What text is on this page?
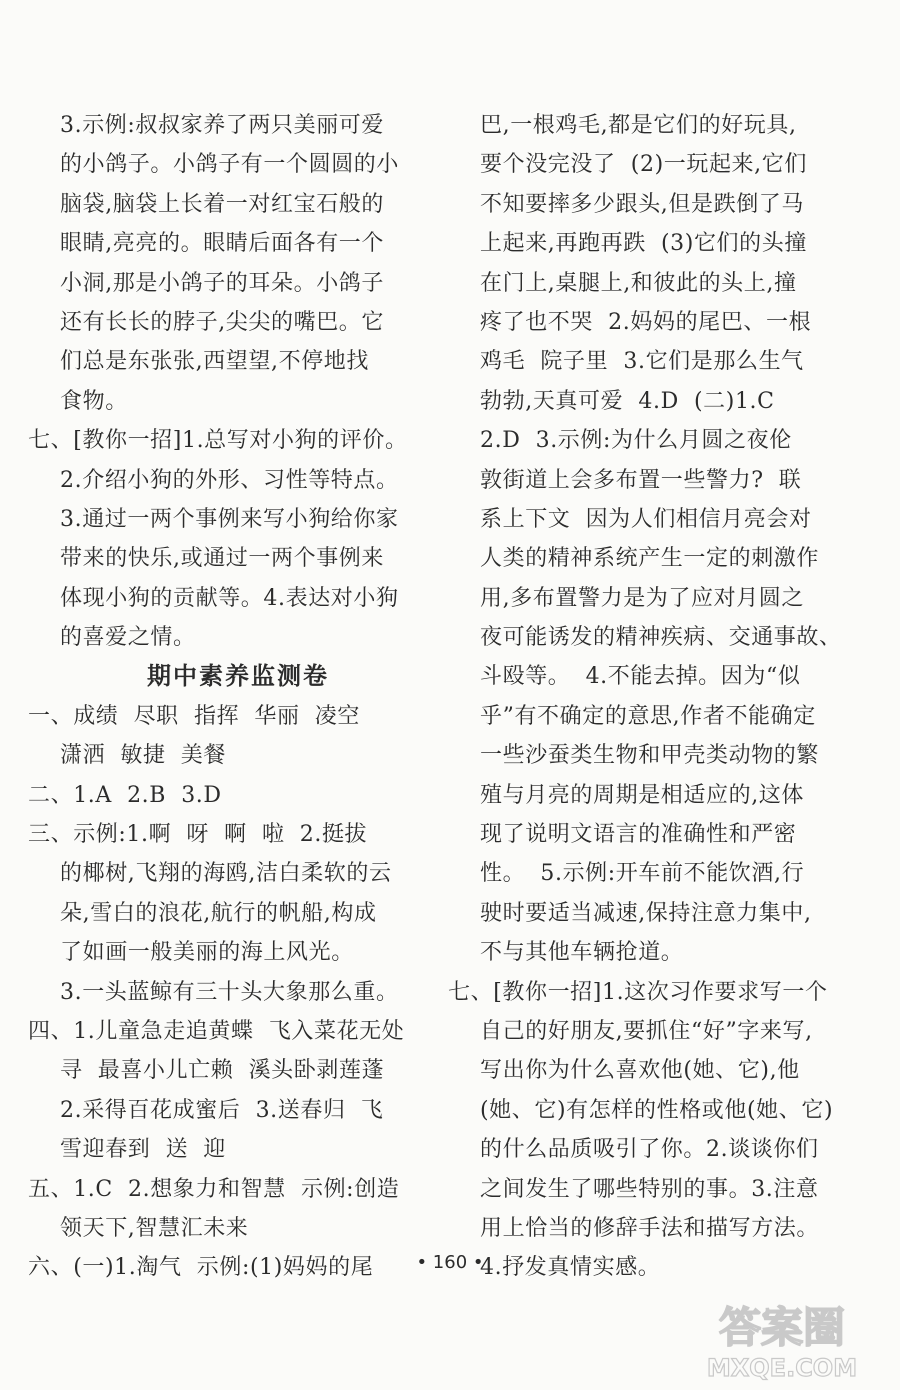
3.示例:叔叔家养了两只美丽可爱
的小鸽子。小鸽子有一个圆圆的小
脑袋,脑袋上长着一对红宝石般的
眼睛,亮亮的。眼睛后面各有一个
小洞,那是小鸽子的耳朵。小鸽子
还有长长的脖子,尖尖的嘴巴。它
们总是东张张,西望望,不停地找
食物。
七、[教你一招]1.总写对小狗的评价。
2.介绍小狗的外形、习性等特点。
3.通过一两个事例来写小狗给你家
带来的快乐,或通过一两个事例来
体现小狗的贡献等。4.表达对小狗
的喜爱之情。
期中素养监测卷
一、成绩  尽职  指挥  华丽  凌空
潇洒  敏捷  美餐
二、1.A  2.B  3.D
三、示例:1.啊  呀  啊  啦  2.挺拔
的椰树,飞翔的海鸥,洁白柔软的云
朵,雪白的浪花,航行的帆船,构成
了如画一般美丽的海上风光。
3.一头蓝鲸有三十头大象那么重。
四、1.儿童急走追黄蝶  飞入菜花无处
寻  最喜小儿亡赖  溪头卧剥莲蓬
2.采得百花成蜜后  3.送春归  飞
雪迎春到  送  迎
五、1.C  2.想象力和智慧  示例:创造
领天下,智慧汇未来
六、(一)1.淘气  示例:(1)妈妈的尾
巴,一根鸡毛,都是它们的好玩具,
要个没完没了  (2)一玩起来,它们
不知要摔多少跟头,但是跌倒了马
上起来,再跑再跌  (3)它们的头撞
在门上,桌腿上,和彼此的头上,撞
疼了也不哭  2.妈妈的尾巴、一根
鸡毛  院子里  3.它们是那么生气
勃勃,天真可爱  4.D  (二)1.C
2.D  3.示例:为什么月圆之夜伦
敦街道上会多布置一些警力?  联
系上下文  因为人们相信月亮会对
人类的精神系统产生一定的刺激作
用,多布置警力是为了应对月圆之
夜可能诱发的精神疾病、交通事故、
斗殴等。  4.不能去掉。因为“似
乎”有不确定的意思,作者不能确定
一些沙蚕类生物和甲壳类动物的繁
殖与月亮的周期是相适应的,这体
现了说明文语言的准确性和严密
性。  5.示例:开车前不能饮酒,行
驶时要适当减速,保持注意力集中,
不与其他车辆抢道。
七、[教你一招]1.这次习作要求写一个
自己的好朋友,要抓住“好”字来写,
写出你为什么喜欢他(她、它),他
(她、它)有怎样的性格或他(她、它)
的什么品质吸引了你。2.谈谈你们
之间发生了哪些特别的事。3.注意
用上恰当的修辞手法和描写方法。
4.抒发真情实感。
• 160 •
答案圈
MXQE.COM
